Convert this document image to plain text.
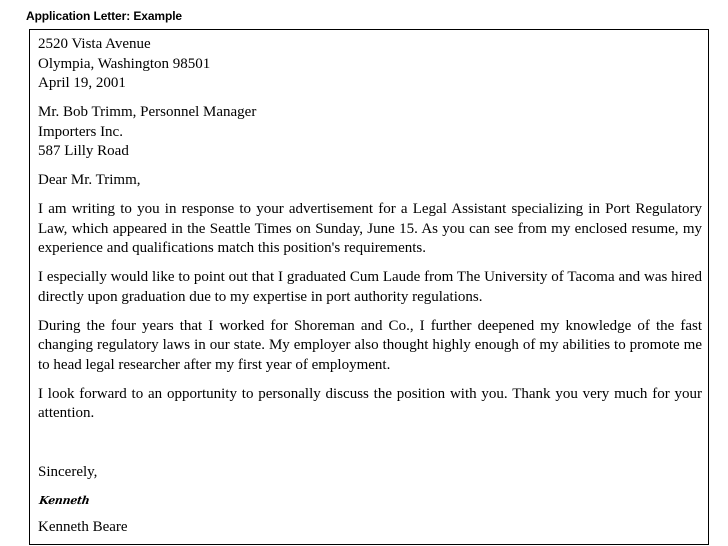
Application Letter: Example
2520 Vista Avenue
Olympia, Washington 98501
April 19, 2001
Mr. Bob Trimm, Personnel Manager
Importers Inc.
587 Lilly Road
Dear Mr. Trimm,

I am writing to you in response to your advertisement for a Legal Assistant specializing in Port Regulatory Law, which appeared in the Seattle Times on Sunday, June 15. As you can see from my enclosed resume, my experience and qualifications match this position's requirements.

I especially would like to point out that I graduated Cum Laude from The University of Tacoma and was hired directly upon graduation due to my expertise in port authority regulations.

During the four years that I worked for Shoreman and Co., I further deepened my knowledge of the fast changing regulatory laws in our state. My employer also thought highly enough of my abilities to promote me to head legal researcher after my first year of employment.

I look forward to an opportunity to personally discuss the position with you. Thank you very much for your attention.

Sincerely,
Kenneth
Kenneth Beare
